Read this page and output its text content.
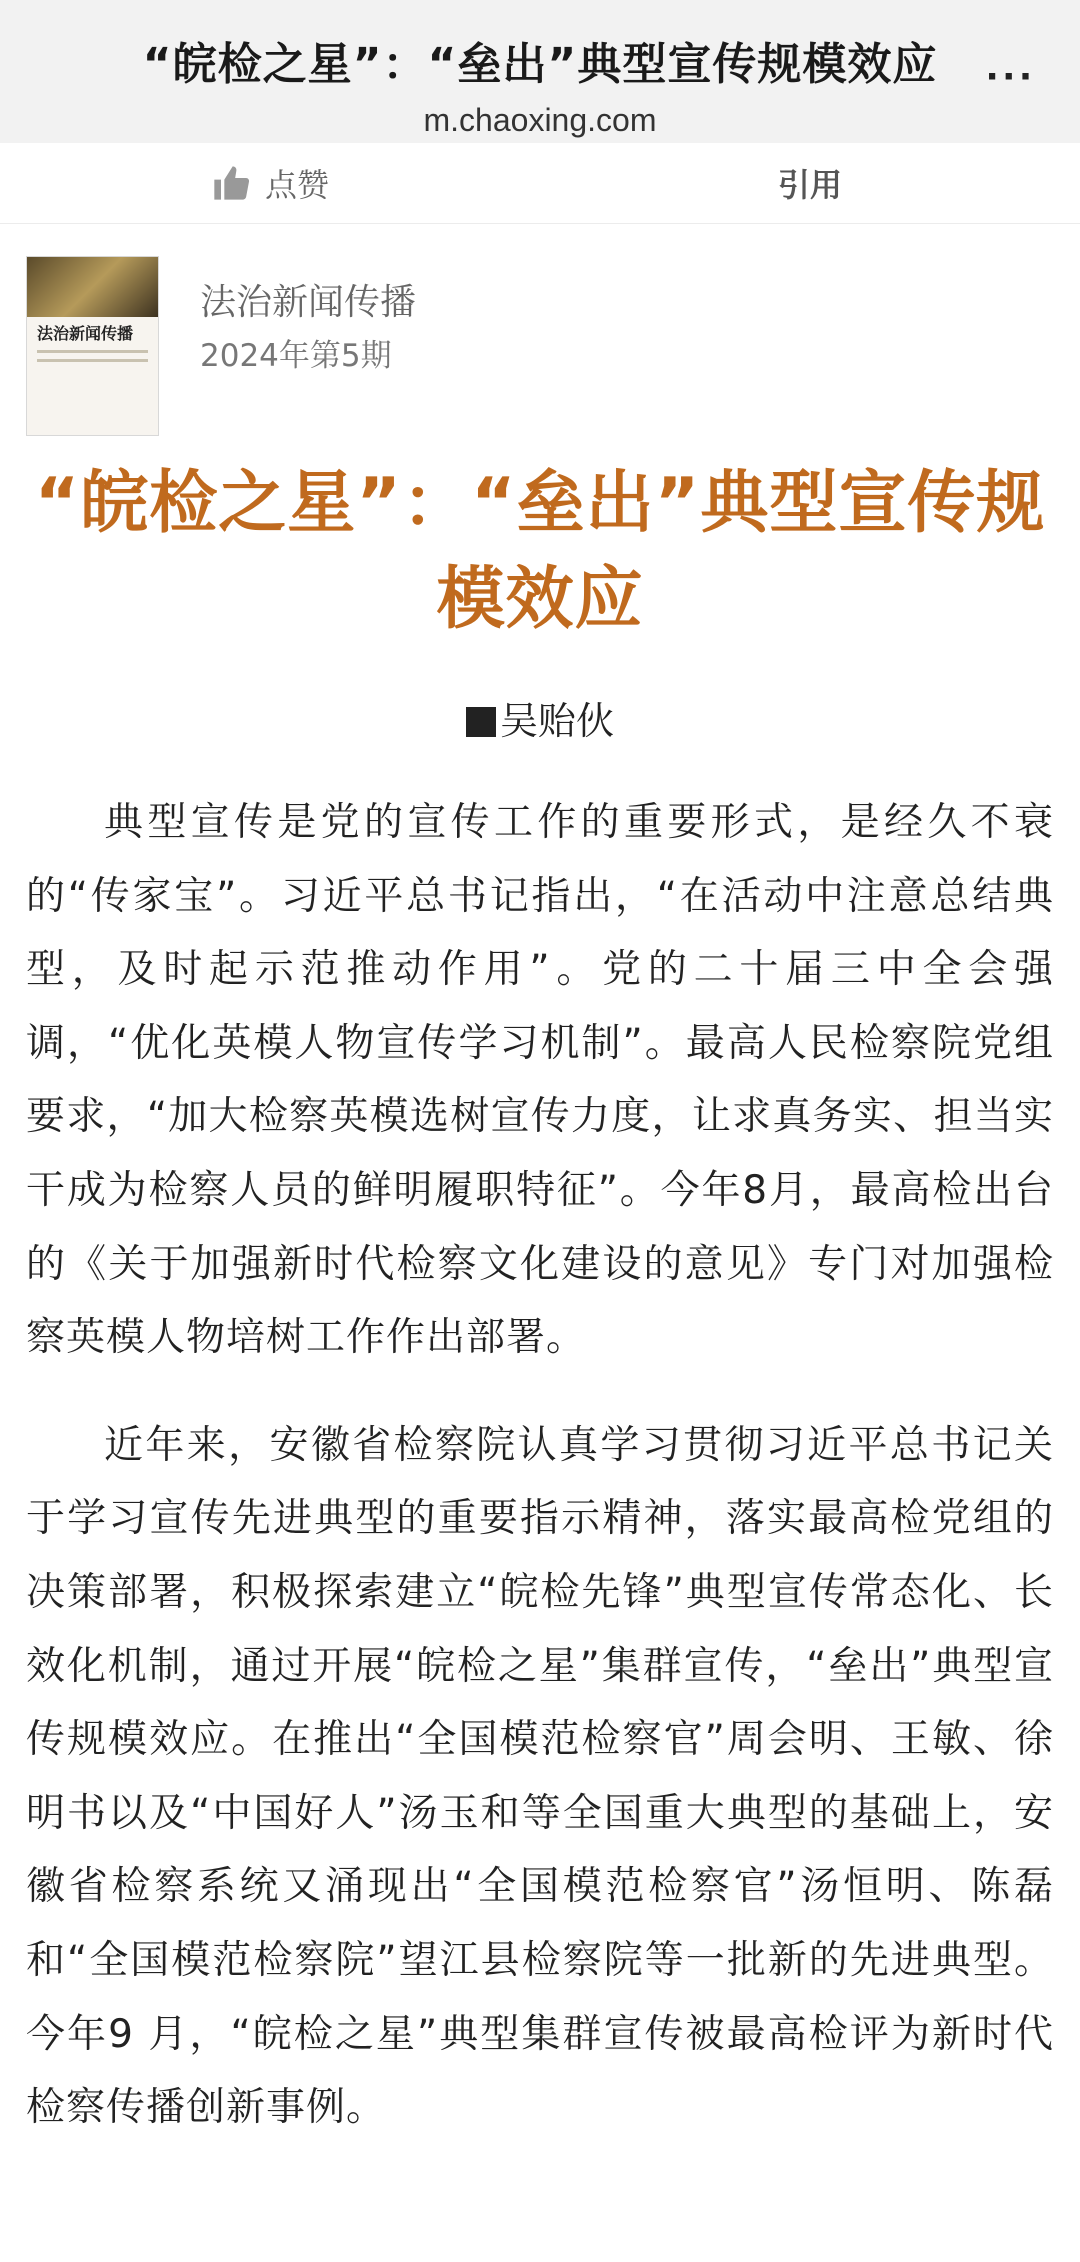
“皖检之星”：“垒出”典型宣传规模效应
m.chaoxing.com
···
点赞	引用
法治新闻传播
法治新闻传播
2024年第5期
“皖检之星”：“垒出”典型宣传规模效应
吴贻伙

典型宣传是党的宣传工作的重要形式，是经久不衰的“传家宝”。习近平总书记指出，“在活动中注意总结典型，及时起示范推动作用”。党的二十届三中全会强调，“优化英模人物宣传学习机制”。最高人民检察院党组要求，“加大检察英模选树宣传力度，让求真务实、担当实干成为检察人员的鲜明履职特征”。今年8月，最高检出台的《关于加强新时代检察文化建设的意见》专门对加强检察英模人物培树工作作出部署。

近年来，安徽省检察院认真学习贯彻习近平总书记关于学习宣传先进典型的重要指示精神，落实最高检党组的决策部署，积极探索建立“皖检先锋”典型宣传常态化、长效化机制，通过开展“皖检之星”集群宣传，“垒出”典型宣传规模效应。在推出“全国模范检察官”周会明、王敏、徐明书以及“中国好人”汤玉和等全国重大典型的基础上，安徽省检察系统又涌现出“全国模范检察官”汤恒明、陈磊和“全国模范检察院”望江县检察院等一批新的先进典型。今年9 月，“皖检之星”典型集群宣传被最高检评为新时代检察传播创新事例。
